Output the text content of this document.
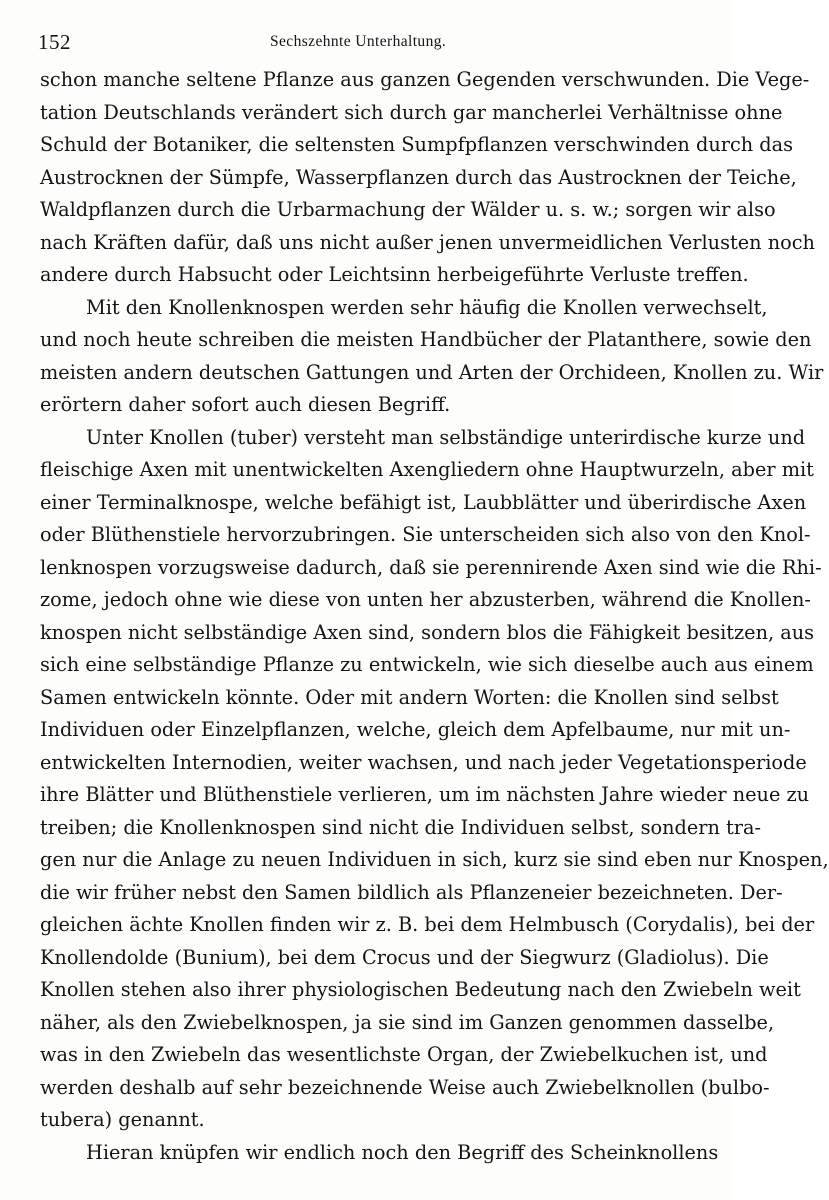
152	Sechszehnte Unterhaltung.
schon manche seltene Pflanze aus ganzen Gegenden verschwunden. Die Vege-
tation Deutschlands verändert sich durch gar mancherlei Verhältnisse ohne
Schuld der Botaniker, die seltensten Sumpfpflanzen verschwinden durch das
Austrocknen der Sümpfe, Wasserpflanzen durch das Austrocknen der Teiche,
Waldpflanzen durch die Urbarmachung der Wälder u. s. w.; sorgen wir also
nach Kräften dafür, daß uns nicht außer jenen unvermeidlichen Verlusten noch
andere durch Habsucht oder Leichtsinn herbeigeführte Verluste treffen.
Mit den Knollenknospen werden sehr häufig die Knollen verwechselt,
und noch heute schreiben die meisten Handbücher der Platanthere, sowie den
meisten andern deutschen Gattungen und Arten der Orchideen, Knollen zu. Wir
erörtern daher sofort auch diesen Begriff.
Unter Knollen (tuber) versteht man selbständige unterirdische kurze und
fleischige Axen mit unentwickelten Axengliedern ohne Hauptwurzeln, aber mit
einer Terminalknospe, welche befähigt ist, Laubblätter und überirdische Axen
oder Blüthenstiele hervorzubringen. Sie unterscheiden sich also von den Knol-
lenknospen vorzugsweise dadurch, daß sie perennirende Axen sind wie die Rhi-
zome, jedoch ohne wie diese von unten her abzusterben, während die Knollen-
knospen nicht selbständige Axen sind, sondern blos die Fähigkeit besitzen, aus
sich eine selbständige Pflanze zu entwickeln, wie sich dieselbe auch aus einem
Samen entwickeln könnte. Oder mit andern Worten: die Knollen sind selbst
Individuen oder Einzelpflanzen, welche, gleich dem Apfelbaume, nur mit un-
entwickelten Internodien, weiter wachsen, und nach jeder Vegetationsperiode
ihre Blätter und Blüthenstiele verlieren, um im nächsten Jahre wieder neue zu
treiben; die Knollenknospen sind nicht die Individuen selbst, sondern tra-
gen nur die Anlage zu neuen Individuen in sich, kurz sie sind eben nur Knospen,
die wir früher nebst den Samen bildlich als Pflanzeneier bezeichneten. Der-
gleichen ächte Knollen finden wir z. B. bei dem Helmbusch (Corydalis), bei der
Knollendolde (Bunium), bei dem Crocus und der Siegwurz (Gladiolus). Die
Knollen stehen also ihrer physiologischen Bedeutung nach den Zwiebeln weit
näher, als den Zwiebelknospen, ja sie sind im Ganzen genommen dasselbe,
was in den Zwiebeln das wesentlichste Organ, der Zwiebelkuchen ist, und
werden deshalb auf sehr bezeichnende Weise auch Zwiebelknollen (bulbo-
tubera) genannt.
Hieran knüpfen wir endlich noch den Begriff des Scheinknollens
